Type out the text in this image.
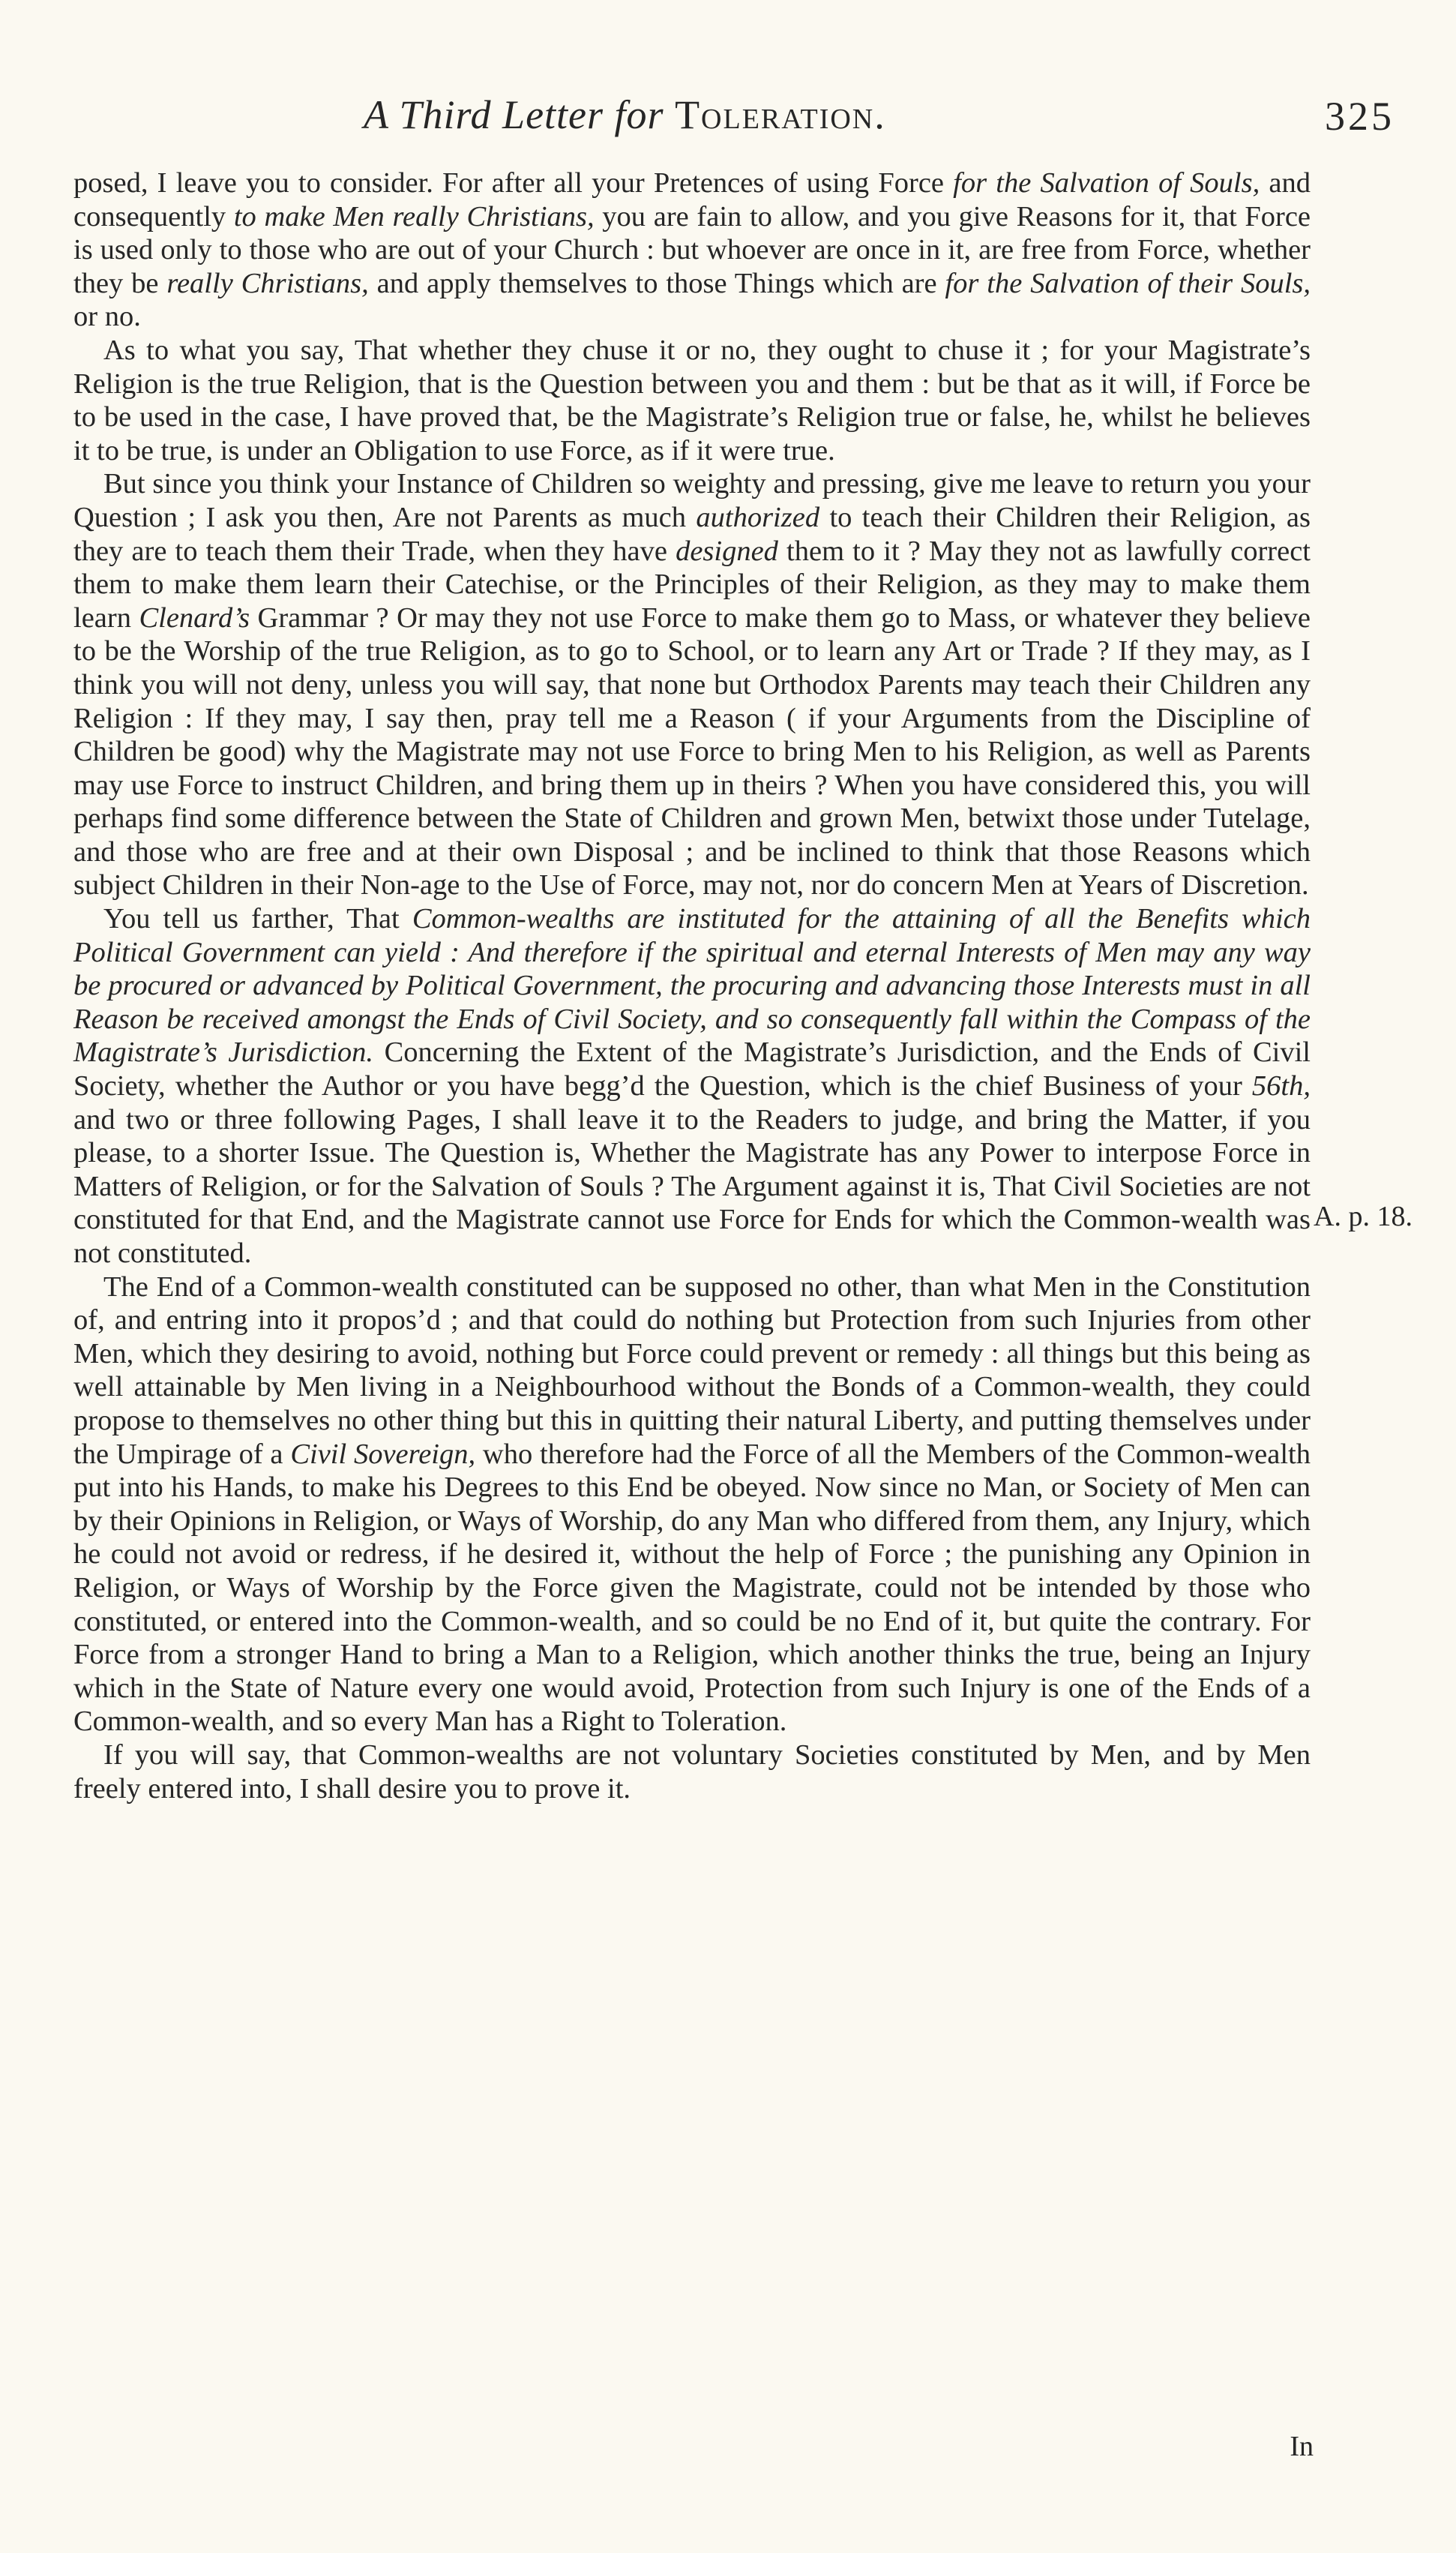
A Third Letter for Toleration.	325

posed, I leave you to consider. For after all your Pretences of using Force for the Salvation of Souls, and consequently to make Men really Christians, you are fain to allow, and you give Reasons for it, that Force is used only to those who are out of your Church : but whoever are once in it, are free from Force, whether they be really Christians, and apply themselves to those Things which are for the Salvation of their Souls, or no.

As to what you say, That whether they chuse it or no, they ought to chuse it ; for your Magistrate’s Religion is the true Religion, that is the Question between you and them : but be that as it will, if Force be to be used in the case, I have proved that, be the Magistrate’s Religion true or false, he, whilst he believes it to be true, is under an Obligation to use Force, as if it were true.

But since you think your Instance of Children so weighty and pressing, give me leave to return you your Question ; I ask you then, Are not Parents as much authorized to teach their Children their Religion, as they are to teach them their Trade, when they have designed them to it ? May they not as lawfully correct them to make them learn their Catechise, or the Principles of their Religion, as they may to make them learn Clenard’s Grammar ? Or may they not use Force to make them go to Mass, or whatever they believe to be the Worship of the true Religion, as to go to School, or to learn any Art or Trade ? If they may, as I think you will not deny, unless you will say, that none but Orthodox Parents may teach their Children any Religion : If they may, I say then, pray tell me a Reason ( if your Arguments from the Discipline of Children be good) why the Magistrate may not use Force to bring Men to his Religion, as well as Parents may use Force to instruct Children, and bring them up in theirs ? When you have considered this, you will perhaps find some difference between the State of Children and grown Men, betwixt those under Tutelage, and those who are free and at their own Disposal ; and be inclined to think that those Reasons which subject Children in their Non-age to the Use of Force, may not, nor do concern Men at Years of Discretion.

You tell us farther, That Common-wealths are instituted for the attaining of all the Benefits which Political Government can yield : And therefore if the spiritual and eternal Interests of Men may any way be procured or advanced by Political Government, the procuring and advancing those Interests must in all Reason be received amongst the Ends of Civil Society, and so consequently fall within the Compass of the Magistrate’s Jurisdiction. Concerning the Extent of the Magistrate’s Jurisdiction, and the Ends of Civil Society, whether the Author or you have begg’d the Question, which is the chief Business of your 56th, and two or three following Pages, I shall leave it to the Readers to judge, and bring the Matter, if you please, to a shorter Issue. The Question is, Whether the Magistrate has any Power to interpose Force in Matters of Religion, or for the Salvation of Souls ? The Argument against it is, That Civil Societies are not constituted for that End, and the Magistrate cannot use Force for Ends for which the Common-wealth was not constituted.

The End of a Common-wealth constituted can be supposed no other, than what Men in the Constitution of, and entring into it propos’d ; and that could do nothing but Protection from such Injuries from other Men, which they desiring to avoid, nothing but Force could prevent or remedy : all things but this being as well attainable by Men living in a Neighbourhood without the Bonds of a Common-wealth, they could propose to themselves no other thing but this in quitting their natural Liberty, and putting themselves under the Umpirage of a Civil Sovereign, who therefore had the Force of all the Members of the Common-wealth put into his Hands, to make his Degrees to this End be obeyed. Now since no Man, or Society of Men can by their Opinions in Religion, or Ways of Worship, do any Man who differed from them, any Injury, which he could not avoid or redress, if he desired it, without the help of Force ; the punishing any Opinion in Religion, or Ways of Worship by the Force given the Magistrate, could not be intended by those who constituted, or entered into the Common-wealth, and so could be no End of it, but quite the contrary. For Force from a stronger Hand to bring a Man to a Religion, which another thinks the true, being an Injury which in the State of Nature every one would avoid, Protection from such Injury is one of the Ends of a Common-wealth, and so every Man has a Right to Toleration.

If you will say, that Common-wealths are not voluntary Societies constituted by Men, and by Men freely entered into, I shall desire you to prove it.

A. p. 18.
In
